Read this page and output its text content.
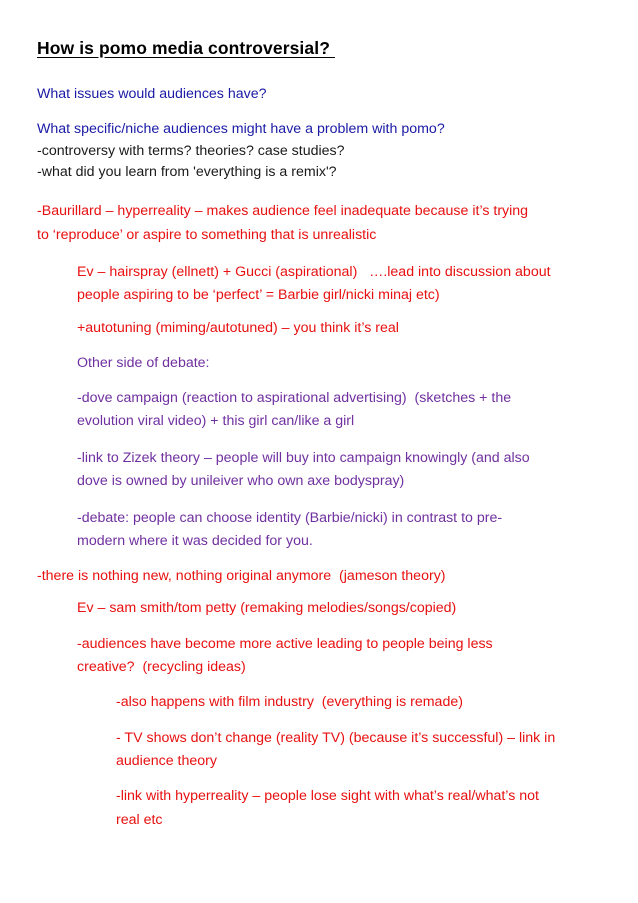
How is pomo media controversial?
What issues would audiences have?
What specific/niche audiences might have a problem with pomo?
-controversy with terms? theories? case studies?
-what did you learn from 'everything is a remix'?
-Baurillard – hyperreality – makes audience feel inadequate because it’s trying
to ‘reproduce’ or aspire to something that is unrealistic
Ev – hairspray (ellnett) + Gucci (aspirational)   ….lead into discussion about
people aspiring to be ‘perfect’ = Barbie girl/nicki minaj etc)
+autotuning (miming/autotuned) – you think it’s real
Other side of debate:
-dove campaign (reaction to aspirational advertising)  (sketches + the
evolution viral video) + this girl can/like a girl
-link to Zizek theory – people will buy into campaign knowingly (and also
dove is owned by unileiver who own axe bodyspray)
-debate: people can choose identity (Barbie/nicki) in contrast to pre-
modern where it was decided for you.
-there is nothing new, nothing original anymore  (jameson theory)
Ev – sam smith/tom petty (remaking melodies/songs/copied)
-audiences have become more active leading to people being less
creative?  (recycling ideas)
-also happens with film industry  (everything is remade)
- TV shows don’t change (reality TV) (because it’s successful) – link in
audience theory
-link with hyperreality – people lose sight with what’s real/what’s not
real etc
